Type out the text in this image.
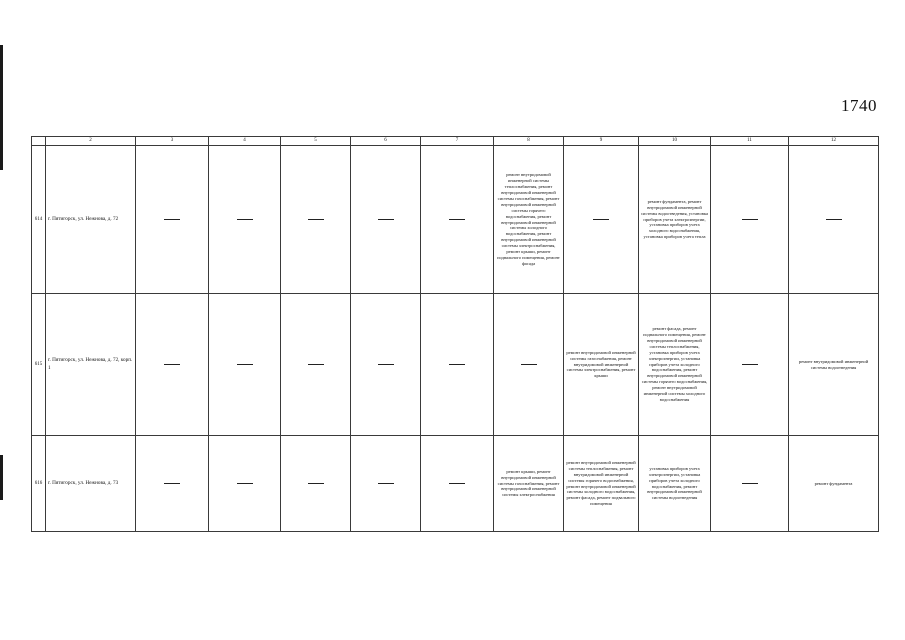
1740
	2	3	4	5	6	7	8	9	10	11	12
614	г. Пятигорск, ул. Нежнова, д. 72						ремонт внутридомовой инженерной системы теплоснабжения, ремонт внутридомовой инженерной системы газоснабжения, ремонт внутридомовой инженерной системы горячего водоснабжения, ремонт внутридомовой инженерной системы холодного водоснабжения, ремонт внутридомовой инженерной системы электроснабжения, ремонт крыши, ремонт подвального помещения, ремонт фасада		ремонт фундамента, ремонт внутридомовой инженерной системы водоотведения, установка приборов учета электроэнергии, установка приборов учета холодного водоснабжения, установка приборов учета тепла		
615	г. Пятигорск, ул. Нежнова, д. 72, корп. 1							ремонт внутридомовой инженерной системы газоснабжения, ремонт внутридомовой инженерной системы электроснабжения, ремонт крыши	ремонт фасада, ремонт подвального помещения, ремонт внутридомовой инженерной системы теплоснабжения, установка приборов учета электроэнергии, установка приборов учета холодного водоснабжения, ремонт внутридомовой инженерной системы горячего водоснабжения, ремонт внутридомовой инженерной системы холодного водоснабжения		ремонт внутридомовой инженерной системы водоотведения
616	г. Пятигорск, ул. Нежнова, д. 73						ремонт крыши, ремонт внутридомовой инженерной системы газоснабжения, ремонт внутридомовой инженерной системы электроснабжения	ремонт внутридомовой инженерной системы теплоснабжения, ремонт внутридомовой инженерной системы горячего водоснабжения, ремонт внутридомовой инженерной системы холодного водоснабжения, ремонт фасада, ремонт подвального помещения	установка приборов учета электроэнергии, установка приборов учета холодного водоснабжения, ремонт внутридомовой инженерной системы водоотведения		ремонт фундамента
